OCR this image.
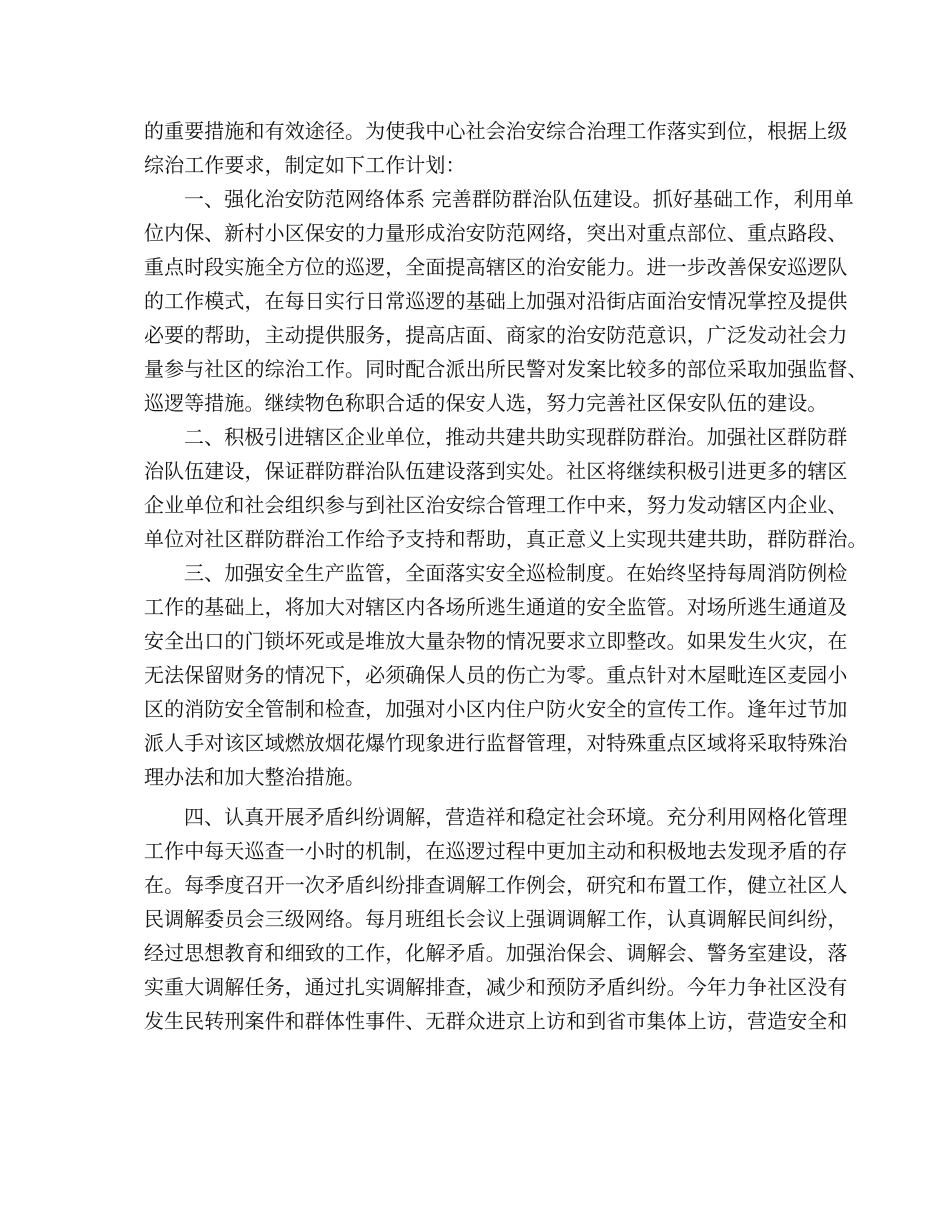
的重要措施和有效途径。为使我中心社会治安综合治理工作落实到位，根据上级
综治工作要求，制定如下工作计划：

一、强化治安防范网络体系 完善群防群治队伍建设。抓好基础工作，利用单
位内保、新村小区保安的力量形成治安防范网络，突出对重点部位、重点路段、
重点时段实施全方位的巡逻，全面提高辖区的治安能力。进一步改善保安巡逻队
的工作模式，在每日实行日常巡逻的基础上加强对沿街店面治安情况掌控及提供
必要的帮助，主动提供服务，提高店面、商家的治安防范意识，广泛发动社会力
量参与社区的综治工作。同时配合派出所民警对发案比较多的部位采取加强监督、
巡逻等措施。继续物色称职合适的保安人选，努力完善社区保安队伍的建设。

二、积极引进辖区企业单位，推动共建共助实现群防群治。加强社区群防群
治队伍建设，保证群防群治队伍建设落到实处。社区将继续积极引进更多的辖区
企业单位和社会组织参与到社区治安综合管理工作中来，努力发动辖区内企业、
单位对社区群防群治工作给予支持和帮助，真正意义上实现共建共助，群防群治。

三、加强安全生产监管，全面落实安全巡检制度。在始终坚持每周消防例检
工作的基础上，将加大对辖区内各场所逃生通道的安全监管。对场所逃生通道及
安全出口的门锁坏死或是堆放大量杂物的情况要求立即整改。如果发生火灾，在
无法保留财务的情况下，必须确保人员的伤亡为零。重点针对木屋毗连区麦园小
区的消防安全管制和检查，加强对小区内住户防火安全的宣传工作。逢年过节加
派人手对该区域燃放烟花爆竹现象进行监督管理，对特殊重点区域将采取特殊治
理办法和加大整治措施。

四、认真开展矛盾纠纷调解，营造祥和稳定社会环境。充分利用网格化管理
工作中每天巡查一小时的机制，在巡逻过程中更加主动和积极地去发现矛盾的存
在。每季度召开一次矛盾纠纷排查调解工作例会，研究和布置工作，健立社区人
民调解委员会三级网络。每月班组长会议上强调调解工作，认真调解民间纠纷，
经过思想教育和细致的工作，化解矛盾。加强治保会、调解会、警务室建设，落
实重大调解任务，通过扎实调解排查，减少和预防矛盾纠纷。今年力争社区没有
发生民转刑案件和群体性事件、无群众进京上访和到省市集体上访，营造安全和
